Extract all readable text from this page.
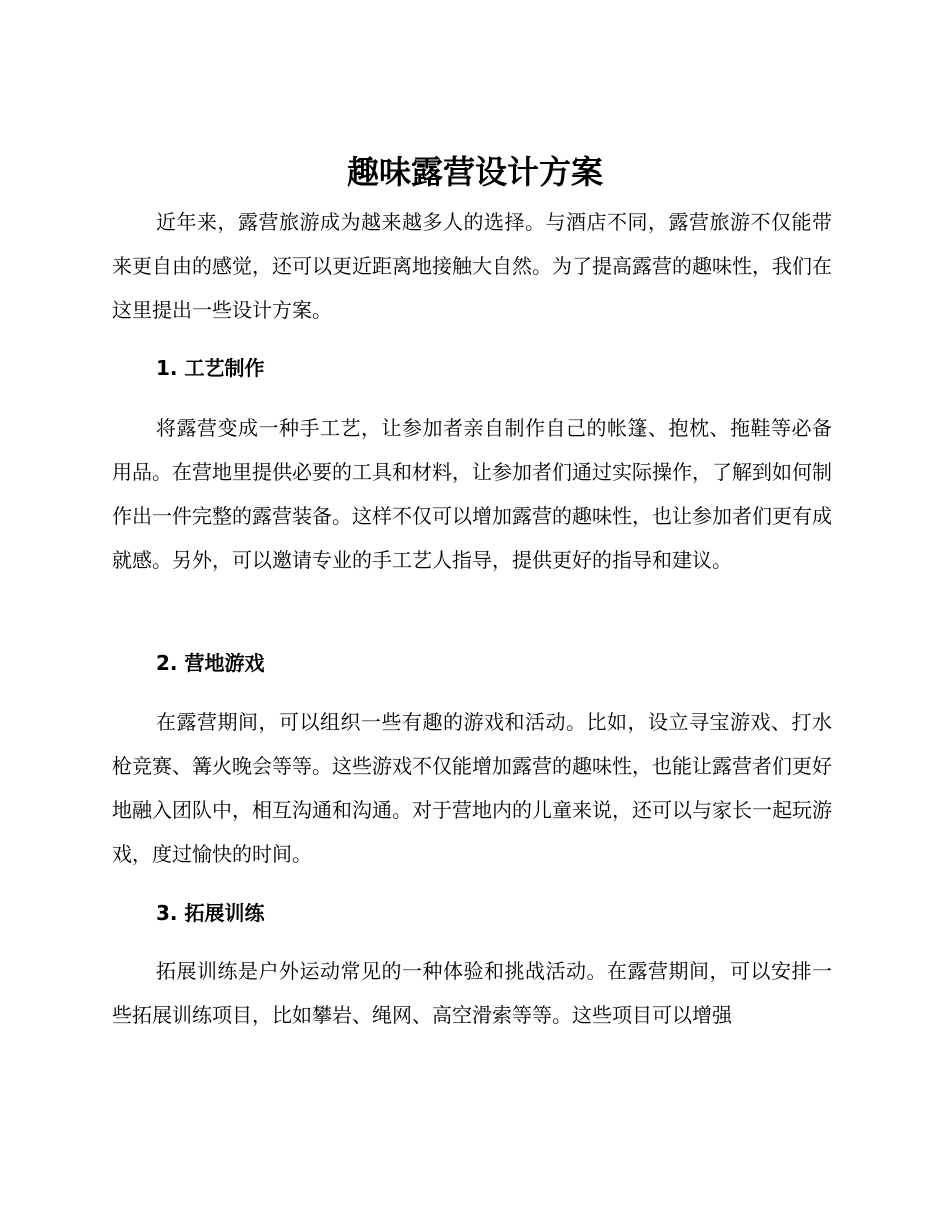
趣味露营设计方案

近年来，露营旅游成为越来越多人的选择。与酒店不同，露营旅游不仅能带来更自由的感觉，还可以更近距离地接触大自然。为了提高露营的趣味性，我们在这里提出一些设计方案。

1. 工艺制作

将露营变成一种手工艺，让参加者亲自制作自己的帐篷、抱枕、拖鞋等必备用品。在营地里提供必要的工具和材料，让参加者们通过实际操作，了解到如何制作出一件完整的露营装备。这样不仅可以增加露营的趣味性，也让参加者们更有成就感。另外，可以邀请专业的手工艺人指导，提供更好的指导和建议。

2. 营地游戏

在露营期间，可以组织一些有趣的游戏和活动。比如，设立寻宝游戏、打水枪竞赛、篝火晚会等等。这些游戏不仅能增加露营的趣味性，也能让露营者们更好地融入团队中，相互沟通和沟通。对于营地内的儿童来说，还可以与家长一起玩游戏，度过愉快的时间。

3. 拓展训练

拓展训练是户外运动常见的一种体验和挑战活动。在露营期间，可以安排一些拓展训练项目，比如攀岩、绳网、高空滑索等等。这些项目可以增强
